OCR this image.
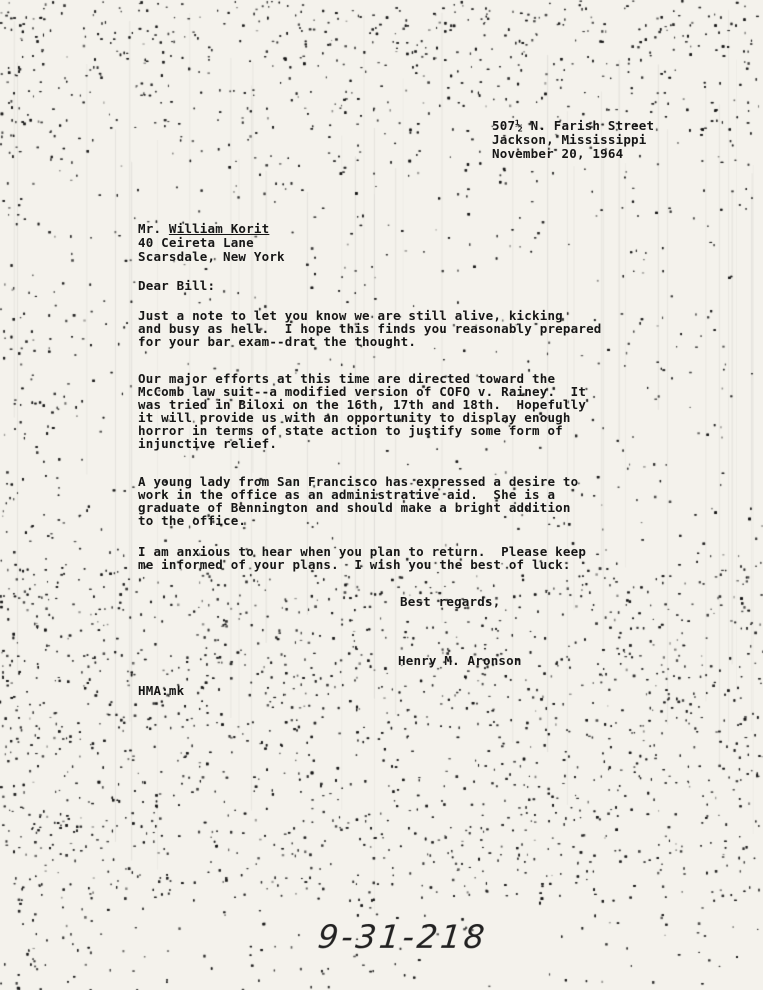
507½ N. Farish Street
Jackson, Mississippi
November 20, 1964
Mr. William Korit
40 Ceireta Lane
Scarsdale, New York
Dear Bill:
Just a note to let you know we are still alive, kicking
and busy as hell.  I hope this finds you reasonably prepared
for your bar exam--drat the thought.
Our major efforts at this time are directed toward the
McComb law suit--a modified version of COFO v. Rainey.  It
was tried in Biloxi on the 16th, 17th and 18th.  Hopefully
it will provide us with an opportunity to display enough
horror in terms of state action to justify some form of
injunctive relief.
A young lady from San Francisco has expressed a desire to
work in the office as an administrative aid.  She is a
graduate of Bennington and should make a bright addition
to the office.
I am anxious to hear when you plan to return.  Please keep
me informed of your plans.  I wish you the best of luck.
Best regards,
Henry M. Aronson
HMA:mk
9-31-218
